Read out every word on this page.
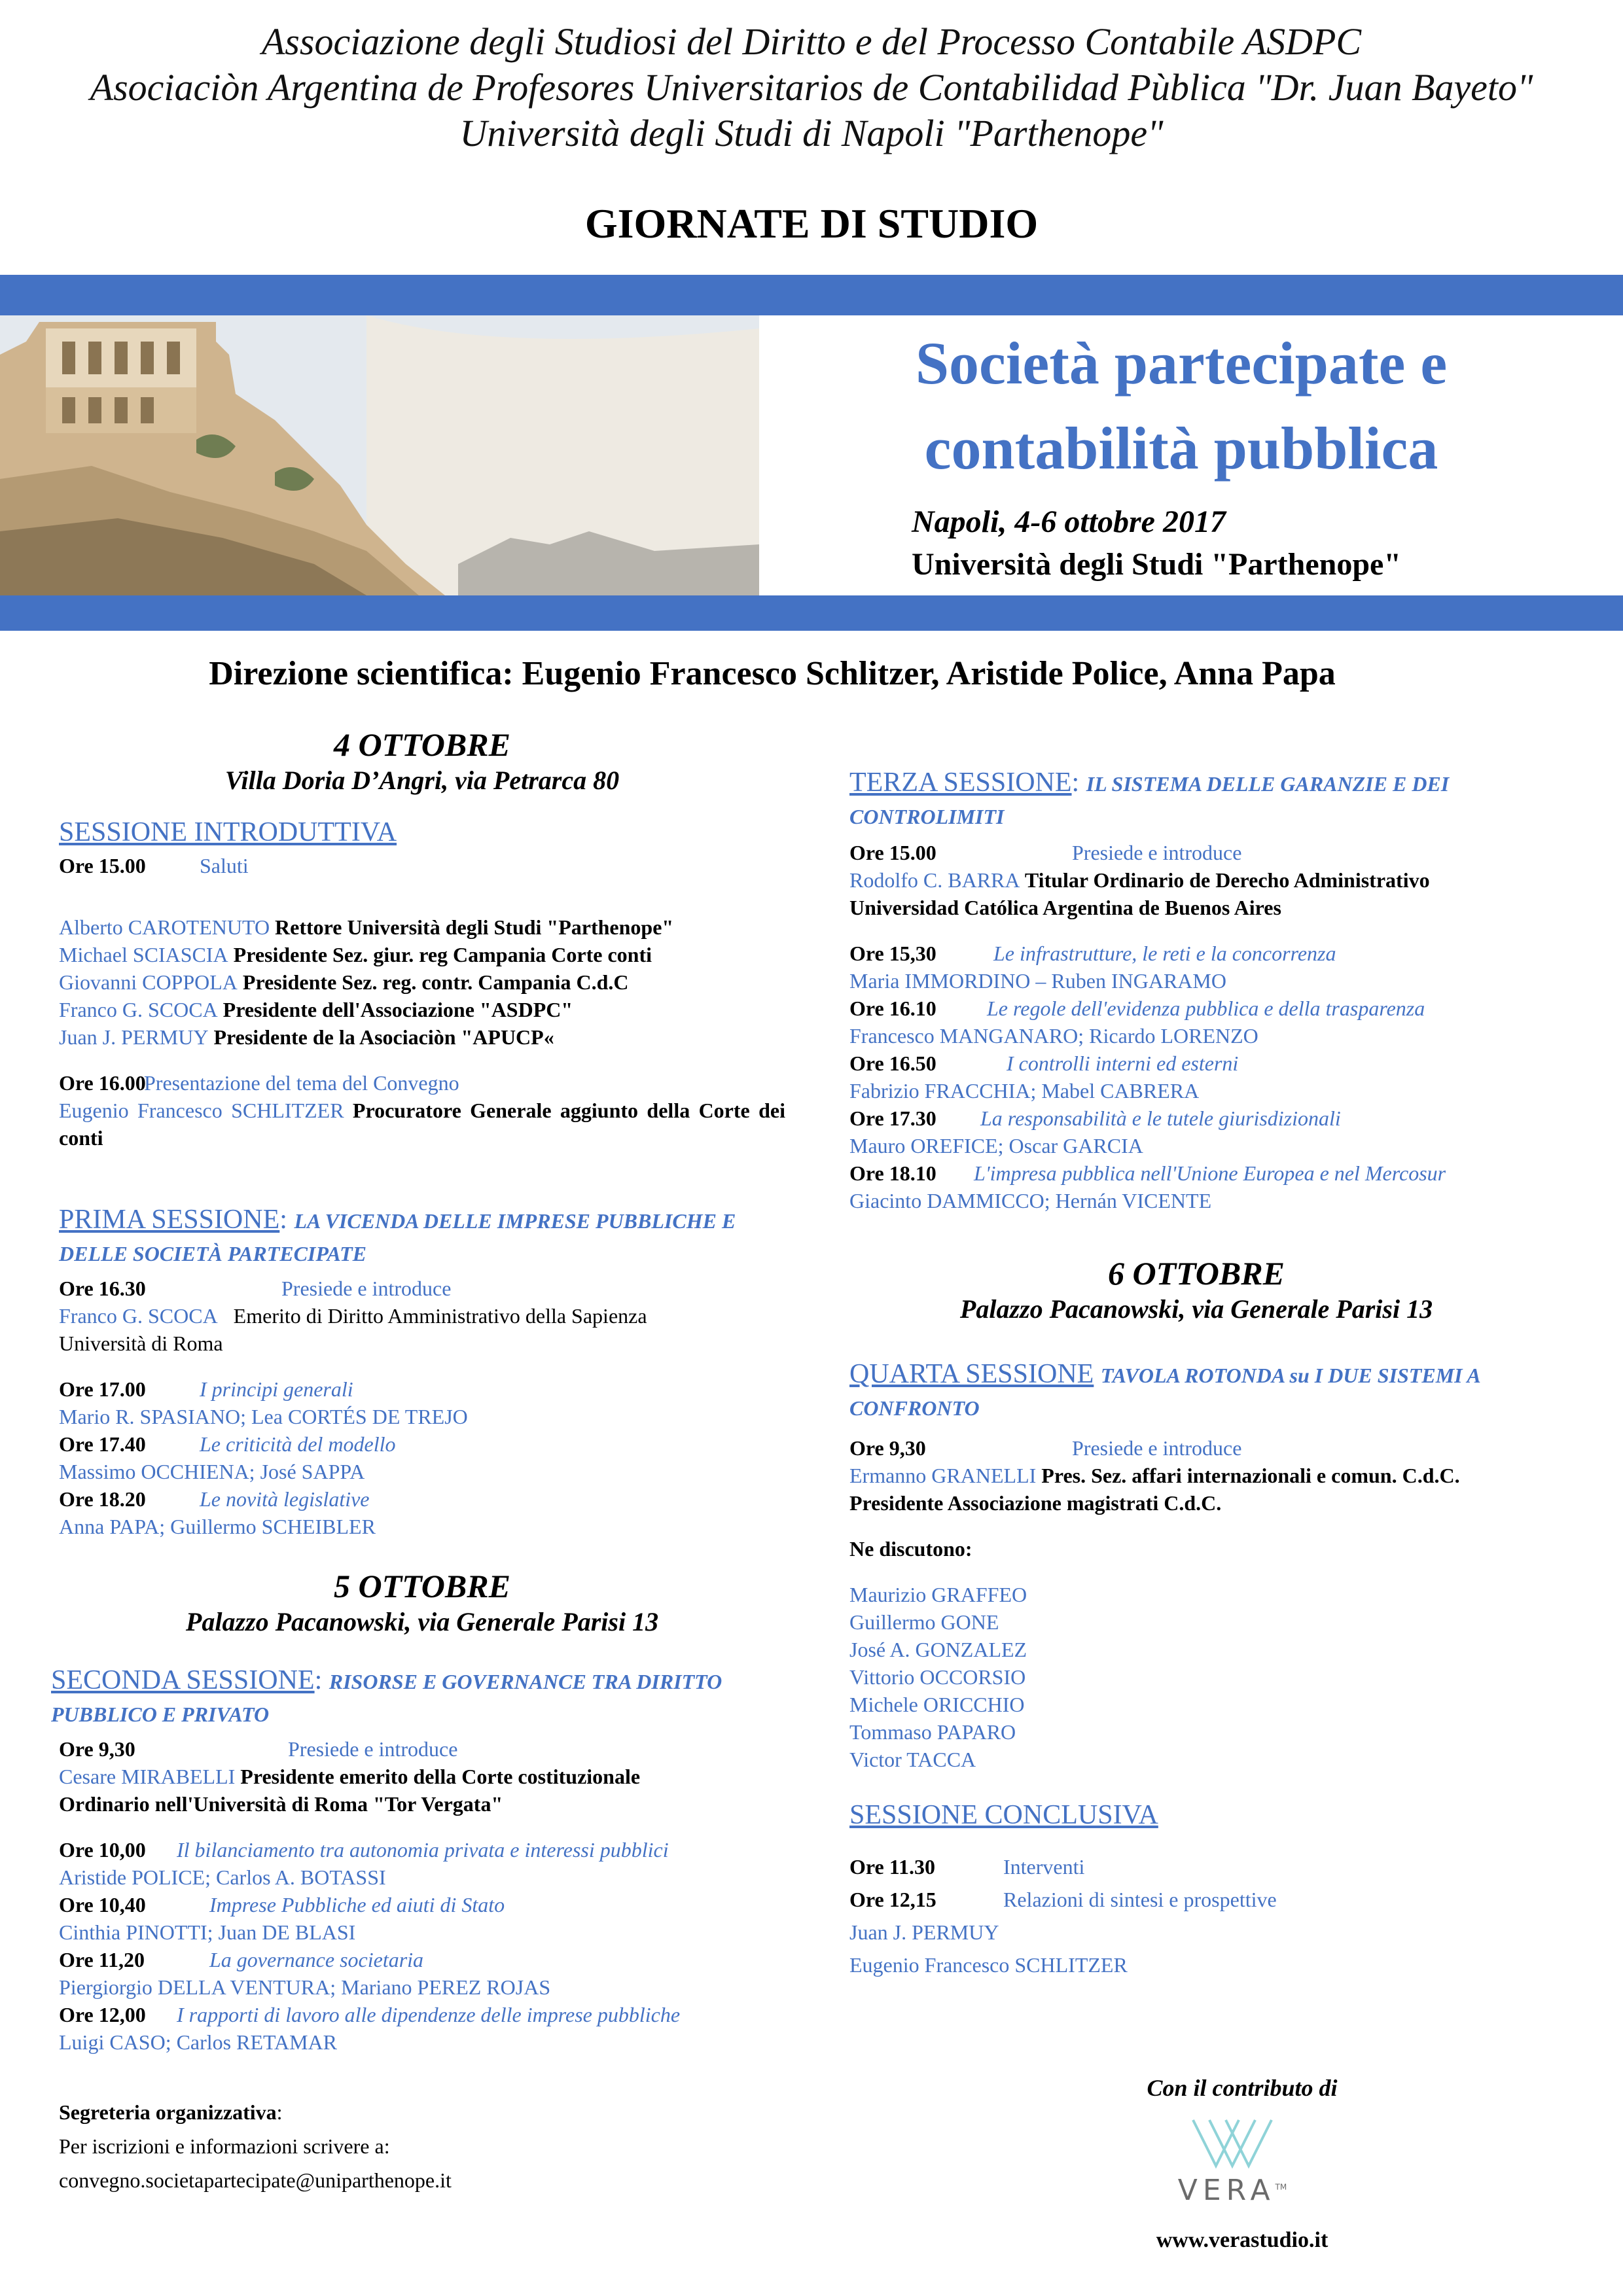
Associazione degli Studiosi del Diritto e del Processo Contabile ASDPC
Asociaciòn Argentina de Profesores Universitarios de Contabilidad Pùblica "Dr. Juan Bayeto"
Università degli Studi di Napoli "Parthenope"
GIORNATE DI STUDIO
Società partecipate e
contabilità pubblica
Napoli, 4-6 ottobre 2017
Università degli Studi "Parthenope"
Direzione scientifica: Eugenio Francesco Schlitzer, Aristide Police, Anna Papa
4 OTTOBRE
Villa Doria D’Angri, via Petrarca 80
SESSIONE INTRODUTTIVA
Ore 15.00	Saluti
Alberto CAROTENUTO Rettore Università degli Studi "Parthenope"
Michael SCIASCIA Presidente Sez. giur. reg Campania Corte conti
Giovanni COPPOLA Presidente Sez. reg. contr. Campania C.d.C
Franco G. SCOCA Presidente dell'Associazione "ASDPC"
Juan J. PERMUY Presidente de la Asociaciòn "APUCP«
Ore 16.00Presentazione del tema del Convegno
Eugenio Francesco SCHLITZER Procuratore Generale aggiunto della Corte dei conti
PRIMA SESSIONE: LA VICENDA DELLE IMPRESE PUBBLICHE E DELLE SOCIETÀ PARTECIPATE
Ore 16.30	Presiede e introduce
Franco G. SCOCA Emerito di Diritto Amministrativo della Sapienza Università di Roma
Ore 17.00	I principi generali
Mario R. SPASIANO; Lea CORTÉS DE TREJO
Ore 17.40	Le criticità del modello
Massimo OCCHIENA; José SAPPA
Ore 18.20	Le novità legislative
Anna PAPA; Guillermo SCHEIBLER
5 OTTOBRE
Palazzo Pacanowski, via Generale Parisi 13
SECONDA SESSIONE: RISORSE E GOVERNANCE TRA DIRITTO PUBBLICO E PRIVATO
Ore 9,30	Presiede e introduce
Cesare MIRABELLI Presidente emerito della Corte costituzionale
Ordinario nell'Università di Roma "Tor Vergata"
Ore 10,00 Il bilanciamento tra autonomia privata e interessi pubblici
Aristide POLICE; Carlos A. BOTASSI
Ore 10,40	Imprese Pubbliche ed aiuti di Stato
Cinthia PINOTTI; Juan DE BLASI
Ore 11,20	La governance societaria
Piergiorgio DELLA VENTURA; Mariano PEREZ ROJAS
Ore 12,00 I rapporti di lavoro alle dipendenze delle imprese pubbliche
Luigi CASO; Carlos RETAMAR
Segreteria organizzativa:
Per iscrizioni e informazioni scrivere a:
convegno.societapartecipate@uniparthenope.it
TERZA SESSIONE: IL SISTEMA DELLE GARANZIE E DEI CONTROLIMITI
Ore 15.00	Presiede e introduce
Rodolfo C. BARRA Titular Ordinario de Derecho Administrativo
Universidad Católica Argentina de Buenos Aires
Ore 15,30	Le infrastrutture, le reti e la concorrenza
Maria IMMORDINO – Ruben INGARAMO
Ore 16.10 Le regole dell'evidenza pubblica e della trasparenza
Francesco MANGANARO; Ricardo LORENZO
Ore 16.50	I controlli interni ed esterni
Fabrizio FRACCHIA; Mabel CABRERA
Ore 17.30 La responsabilità e le tutele giurisdizionali
Mauro OREFICE; Oscar GARCIA
Ore 18.10 L'impresa pubblica nell'Unione Europea e nel Mercosur
Giacinto DAMMICCO; Hernán VICENTE
6 OTTOBRE
Palazzo Pacanowski, via Generale Parisi 13
QUARTA SESSIONE TAVOLA ROTONDA su I DUE SISTEMI A CONFRONTO
Ore 9,30	Presiede e introduce
Ermanno GRANELLI Pres. Sez. affari internazionali e comun. C.d.C.
Presidente Associazione magistrati C.d.C.
Ne discutono:
Maurizio GRAFFEO
Guillermo GONE
José A. GONZALEZ
Vittorio OCCORSIO
Michele ORICCHIO
Tommaso PAPARO
Victor TACCA
SESSIONE CONCLUSIVA
Ore 11.30	Interventi
Ore 12,15	Relazioni di sintesi e prospettive
Juan J. PERMUY
Eugenio Francesco SCHLITZER
Con il contributo di
VERA™
www.verastudio.it
